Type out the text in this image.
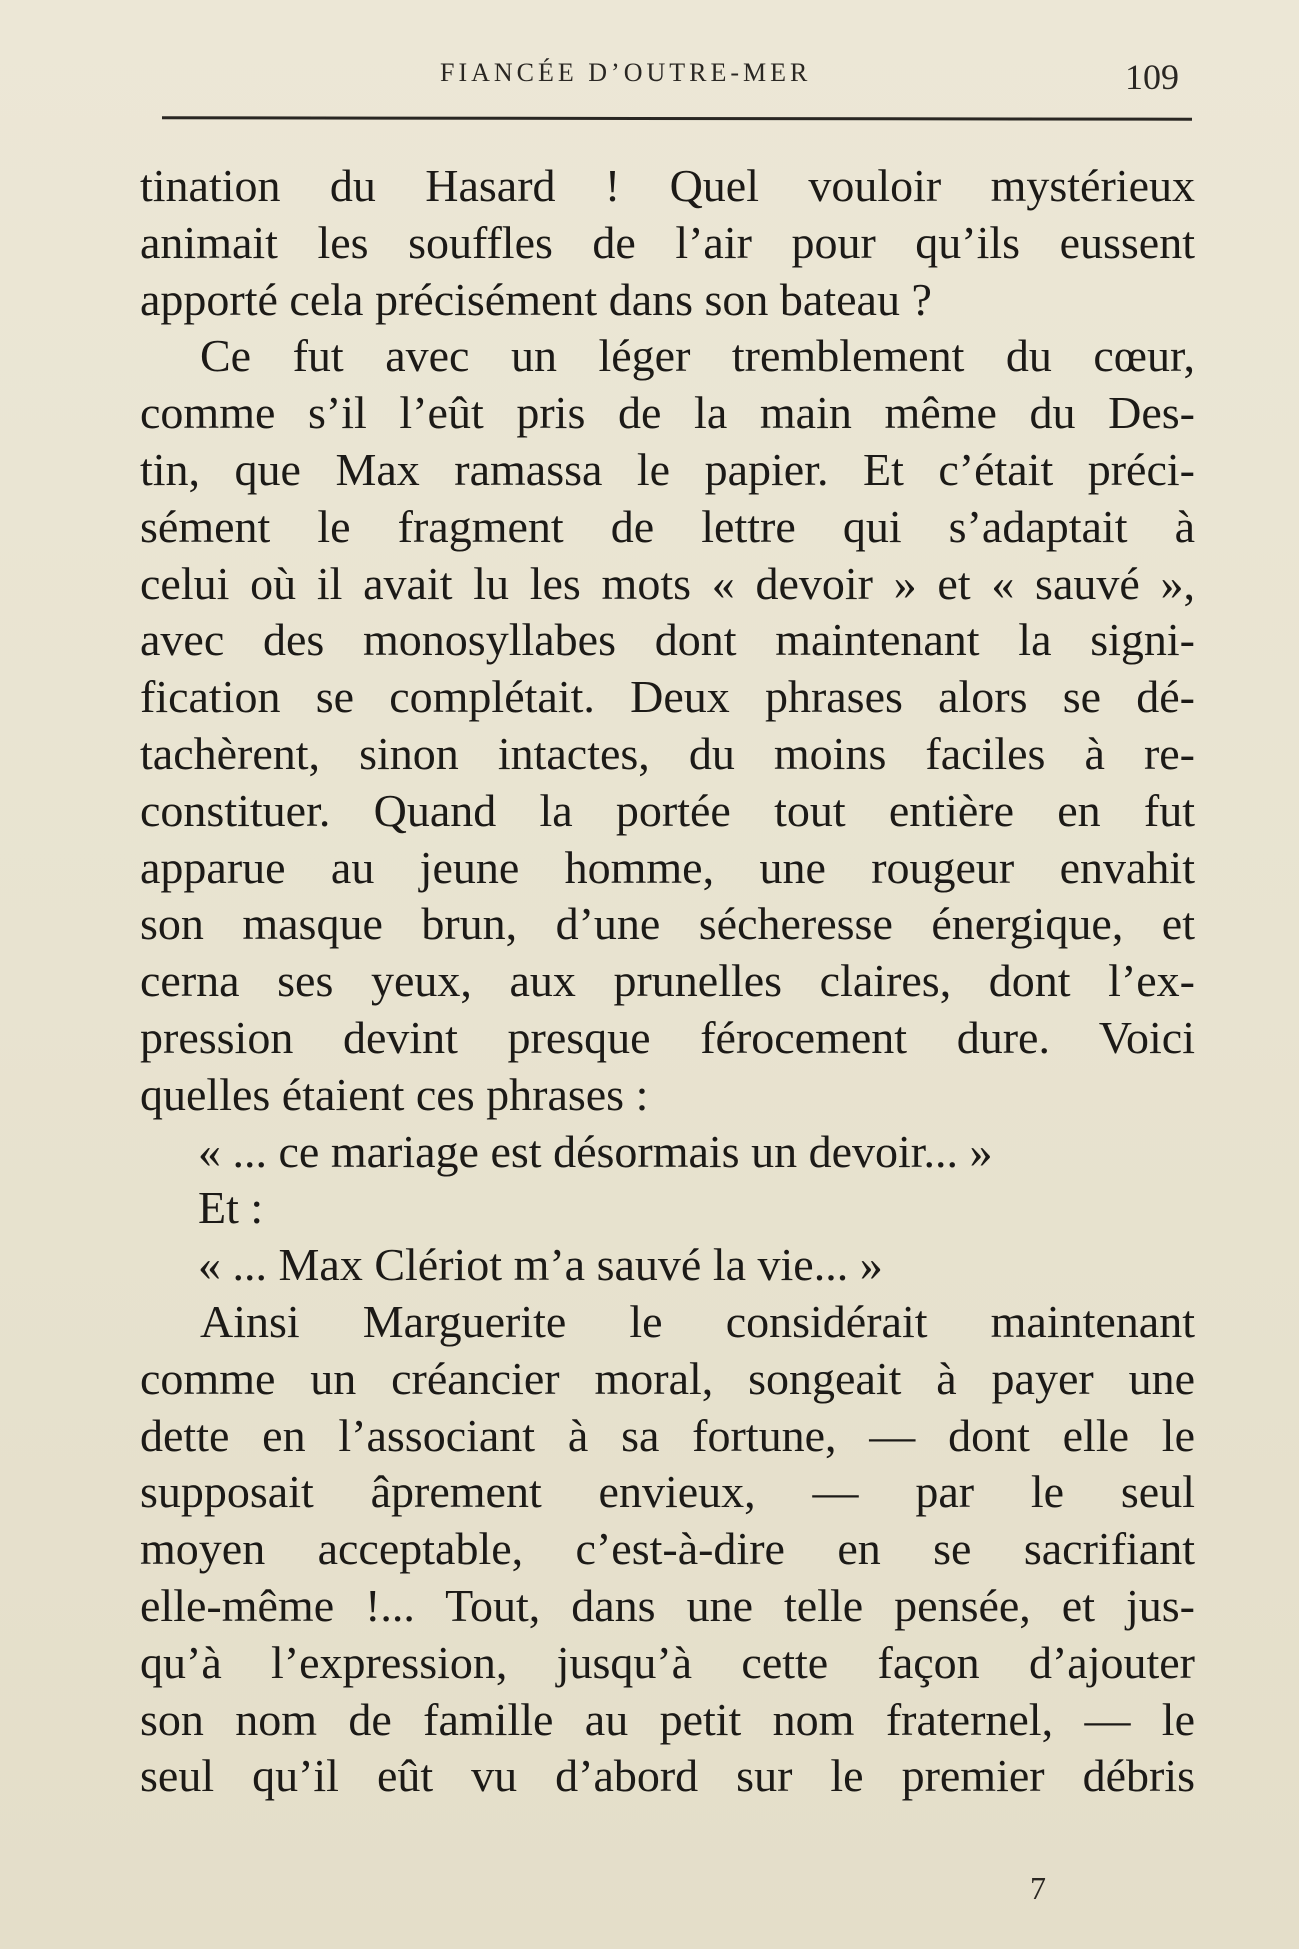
FIANCÉE D’OUTRE-MER	109
tination du Hasard ! Quel vouloir mystérieux
animait les souffles de l’air pour qu’ils eussent
apporté cela précisément dans son bateau ?
Ce fut avec un léger tremblement du cœur,
comme s’il l’eût pris de la main même du Des-
tin, que Max ramassa le papier. Et c’était préci-
sément le fragment de lettre qui s’adaptait à
celui où il avait lu les mots « devoir » et « sauvé »,
avec des monosyllabes dont maintenant la signi-
fication se complétait. Deux phrases alors se dé-
tachèrent, sinon intactes, du moins faciles à re-
constituer. Quand la portée tout entière en fut
apparue au jeune homme, une rougeur envahit
son masque brun, d’une sécheresse énergique, et
cerna ses yeux, aux prunelles claires, dont l’ex-
pression devint presque férocement dure. Voici
quelles étaient ces phrases :
« ... ce mariage est désormais un devoir... »
Et :
« ... Max Clériot m’a sauvé la vie... »
Ainsi Marguerite le considérait maintenant
comme un créancier moral, songeait à payer une
dette en l’associant à sa fortune, — dont elle le
supposait âprement envieux, — par le seul
moyen acceptable, c’est-à-dire en se sacrifiant
elle-même !... Tout, dans une telle pensée, et jus-
qu’à l’expression, jusqu’à cette façon d’ajouter
son nom de famille au petit nom fraternel, — le
seul qu’il eût vu d’abord sur le premier débris
7
